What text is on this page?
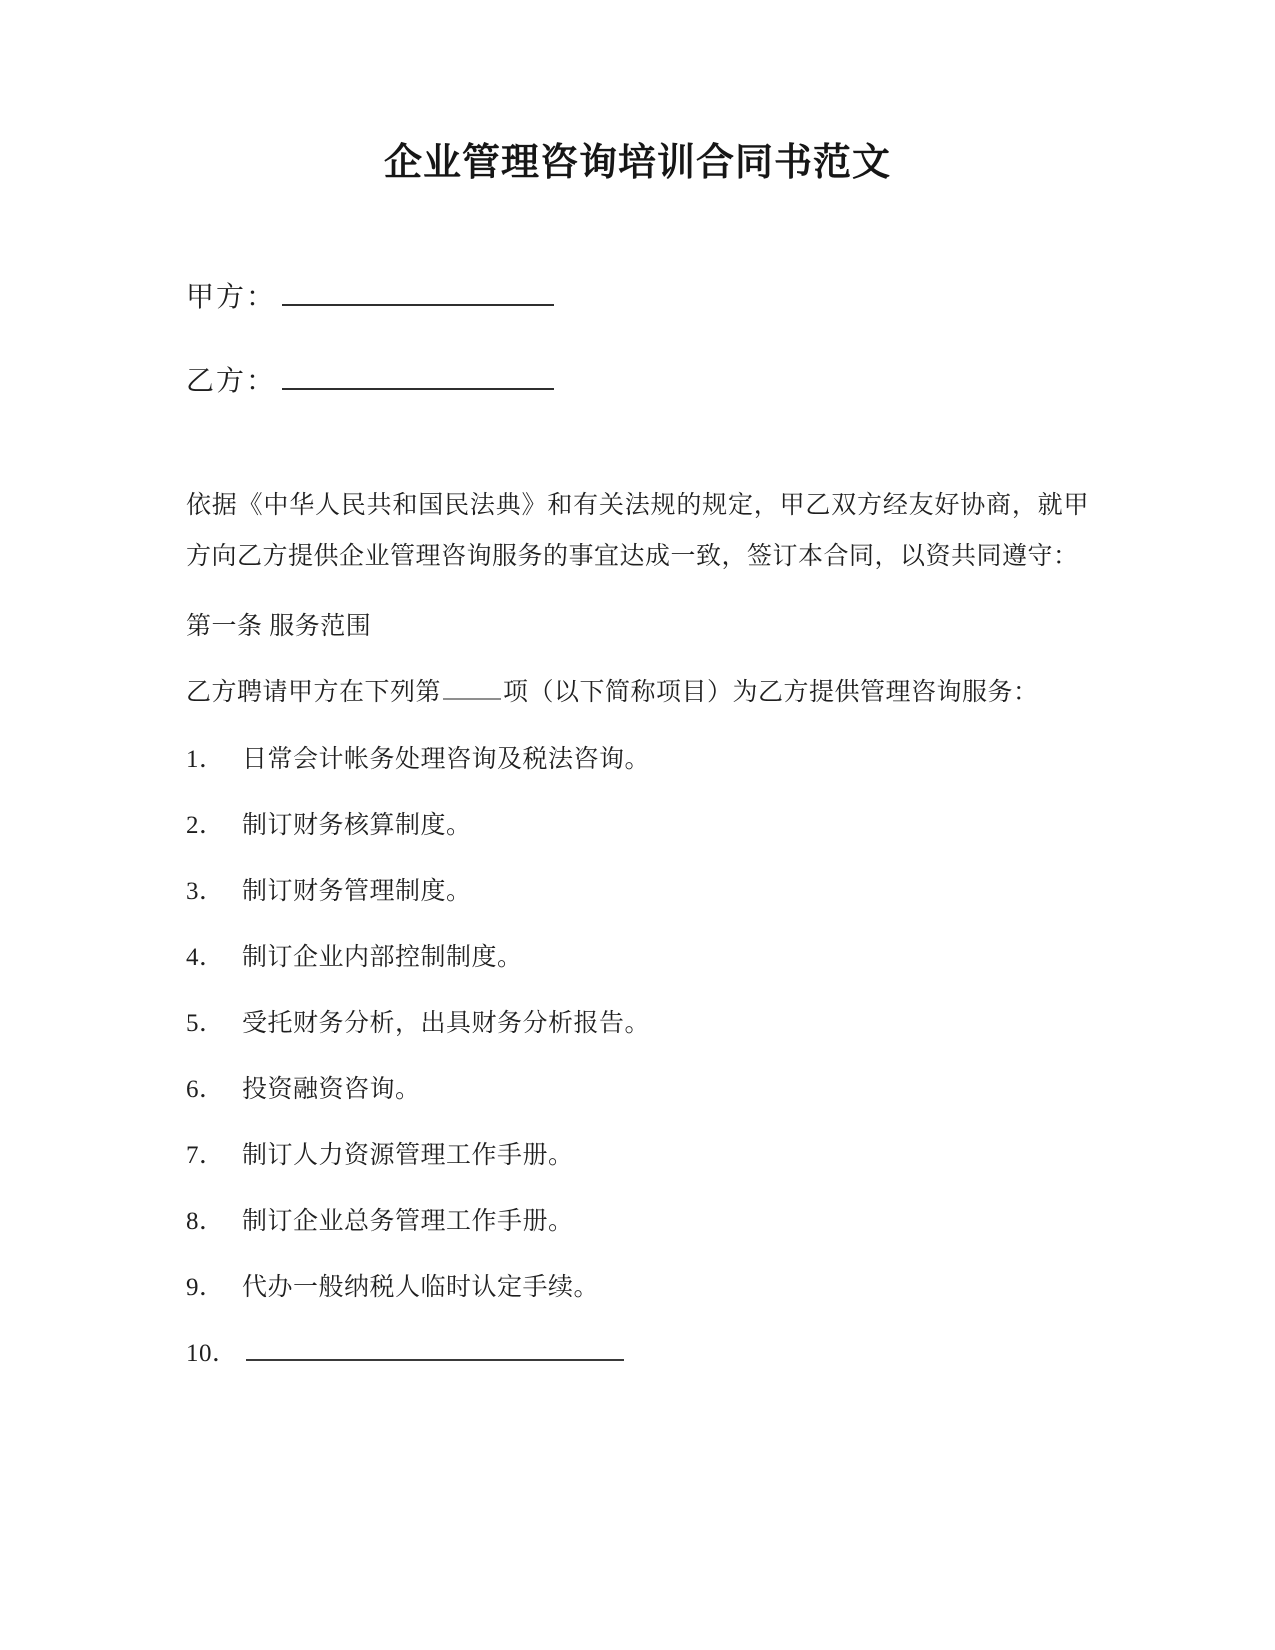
企业管理咨询培训合同书范文
甲方：
乙方：

依据《中华人民共和国民法典》和有关法规的规定，甲乙双方经友好协商，就甲方向乙方提供企业管理咨询服务的事宜达成一致，签订本合同，以资共同遵守：

第一条 服务范围
乙方聘请甲方在下列第 项（以下简称项目）为乙方提供管理咨询服务：
1． 日常会计帐务处理咨询及税法咨询。
2． 制订财务核算制度。
3． 制订财务管理制度。
4． 制订企业内部控制制度。
5． 受托财务分析，出具财务分析报告。
6． 投资融资咨询。
7． 制订人力资源管理工作手册。
8． 制订企业总务管理工作手册。
9． 代办一般纳税人临时认定手续。
10．
